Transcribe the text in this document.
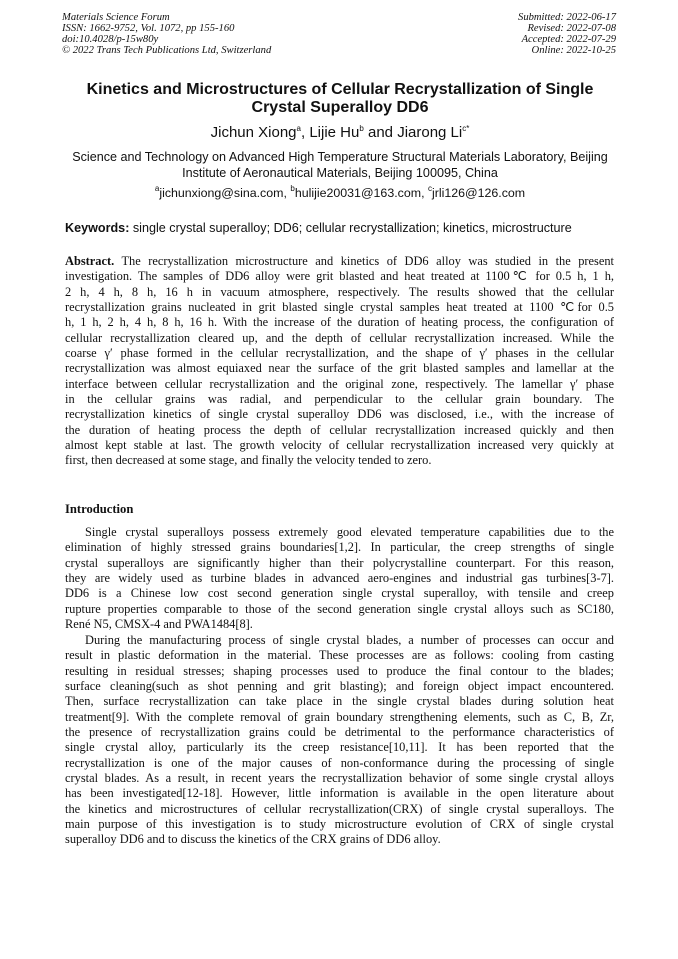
Materials Science Forum
ISSN: 1662-9752, Vol. 1072, pp 155-160
doi:10.4028/p-15w80y
© 2022 Trans Tech Publications Ltd, Switzerland
Submitted: 2022-06-17
Revised: 2022-07-08
Accepted: 2022-07-29
Online: 2022-10-25
Kinetics and Microstructures of Cellular Recrystallization of Single
Crystal Superalloy DD6
Jichun Xiong$^a$, Lijie Hu$^b$ and Jiarong $Li^{c*}$
Science and Technology on Advanced High Temperature Structural Materials Laboratory, Beijing
Institute of Aeronautical Materials, Beijing 100095, China
$^a$jichunxiong@sina.com, $^b$hulijie20031@163.com, $^c$jrli126@126.com
Keywords: single crystal superalloy; DD6; cellular recrystallization; kinetics, microstructure
Abstract. The recrystallization microstructure and kinetics of DD6 alloy was studied in the present
investigation. The samples of DD6 alloy were grit blasted and heat treated at 1100℃ for 0.5 h, 1 h,
2 h, 4 h, 8 h, 16 h in vacuum atmosphere, respectively. The results showed that the cellular
recrystallization grains nucleated in grit blasted single crystal samples heat treated at 1100 ℃for 0.5
h, 1 h, 2 h, 4 h, 8 h, 16 h. With the increase of the duration of heating process, the configuration of
cellular recrystallization cleared up, and the depth of cellular recrystallization increased. While the
coarse γ′ phase formed in the cellular recrystallization, and the shape of γ′ phases in the cellular
recrystallization was almost equiaxed near the surface of the grit blasted samples and lamellar at the
interface between cellular recrystallization and the original zone, respectively. The lamellar γ′ phase
in the cellular grains was radial, and perpendicular to the cellular grain boundary. The
recrystallization kinetics of single crystal superalloy DD6 was disclosed, i.e., with the increase of
the duration of heating process the depth of cellular recrystallization increased quickly and then
almost kept stable at last. The growth velocity of cellular recrystallization increased very quickly at
first, then decreased at some stage, and finally the velocity tended to zero.
Introduction
Single crystal superalloys possess extremely good elevated temperature capabilities due to the
elimination of highly stressed grains boundaries[1,2]. In particular, the creep strengths of single
crystal superalloys are significantly higher than their polycrystalline counterpart. For this reason,
they are widely used as turbine blades in advanced aero-engines and industrial gas turbines[3-7].
DD6 is a Chinese low cost second generation single crystal superalloy, with tensile and creep
rupture properties comparable to those of the second generation single crystal alloys such as SC180,
René N5, CMSX-4 and PWA1484[8].
During the manufacturing process of single crystal blades, a number of processes can occur and
result in plastic deformation in the material. These processes are as follows: cooling from casting
resulting in residual stresses; shaping processes used to produce the final contour to the blades;
surface cleaning(such as shot penning and grit blasting); and foreign object impact encountered.
Then, surface recrystallization can take place in the single crystal blades during solution heat
treatment[9]. With the complete removal of grain boundary strengthening elements, such as C, B, Zr,
the presence of recrystallization grains could be detrimental to the performance characteristics of
single crystal alloy, particularly its the creep resistance[10,11]. It has been reported that the
recrystallization is one of the major causes of non-conformance during the processing of single
crystal blades. As a result, in recent years the recrystallization behavior of some single crystal alloys
has been investigated[12-18]. However, little information is available in the open literature about
the kinetics and microstructures of cellular recrystallization(CRX) of single crystal superalloys. The
main purpose of this investigation is to study microstructure evolution of CRX of single crystal
superalloy DD6 and to discuss the kinetics of the CRX grains of DD6 alloy.
